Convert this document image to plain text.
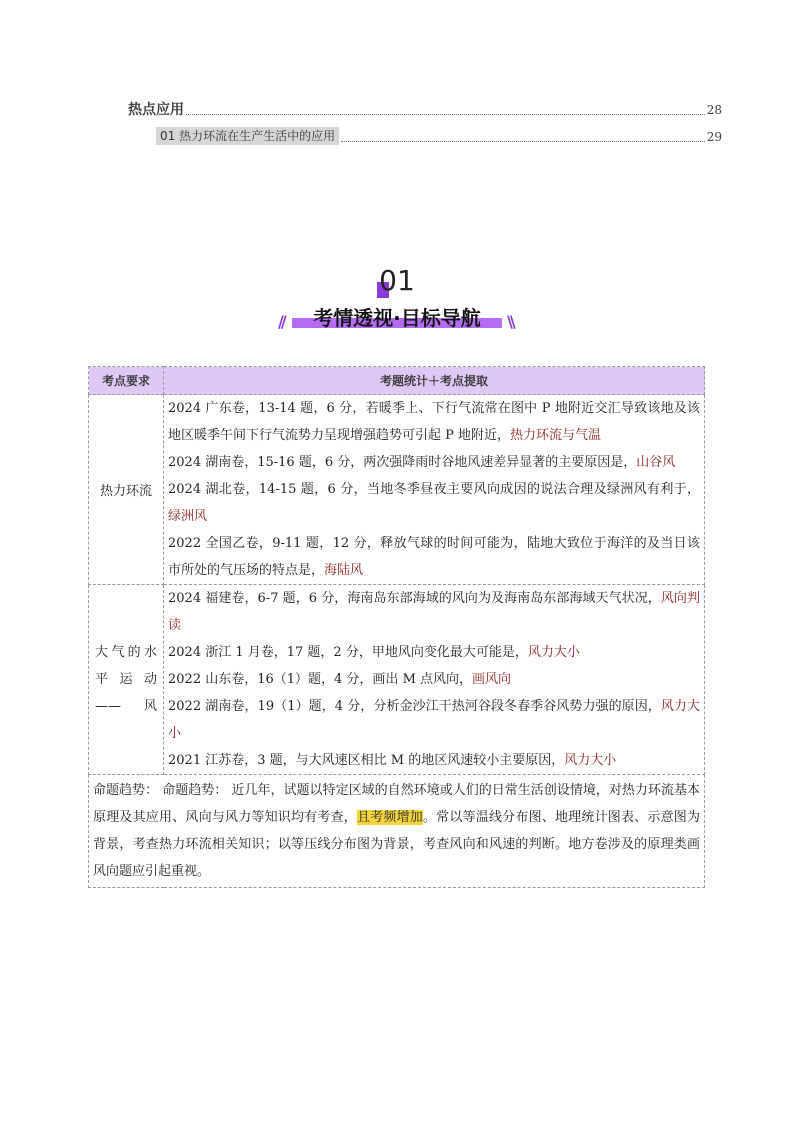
热点应用	28
01 热力环流在生产生活中的应用	29
01
//	考情透视·目标导航	\\
考点要求	考题统计＋考点提取
热力环流	2024 广东卷，13-14 题，6 分，若暖季上、下行气流常在图中 P 地附近交汇导致该地及该地区暖季午间下行气流势力呈现增强趋势可引起 P 地附近，热力环流与气温

2024 湖南卷，15-16 题，6 分，两次强降雨时谷地风速差异显著的主要原因是，山谷风

2024 湖北卷，14-15 题，6 分，当地冬季昼夜主要风向成因的说法合理及绿洲风有利于，绿洲风

2022 全国乙卷，9-11 题，12 分，释放气球的时间可能为，陆地大致位于海洋的及当日该市所处的气压场的特点是，海陆风

大气的水平运动——风	2024 福建卷，6-7 题，6 分，海南岛东部海域的风向为及海南岛东部海域天气状况，风向判读

2024 浙江 1 月卷，17 题，2 分，甲地风向变化最大可能是，风力大小

2022 山东卷，16（1）题，4 分，画出 M 点风向，画风向

2022 湖南卷，19（1）题，4 分，分析金沙江干热河谷段冬春季谷风势力强的原因，风力大小

2021 江苏卷，3 题，与大风速区相比 M 的地区风速较小主要原因，风力大小

命题趋势： 命题趋势： 近几年，试题以特定区域的自然环境或人们的日常生活创设情境，对热力环流基本原理及其应用、风向与风力等知识均有考查，且考频增加。常以等温线分布图、地理统计图表、示意图为背景，考查热力环流相关知识；以等压线分布图为背景，考查风向和风速的判断。地方卷涉及的原理类画风向题应引起重视。	
